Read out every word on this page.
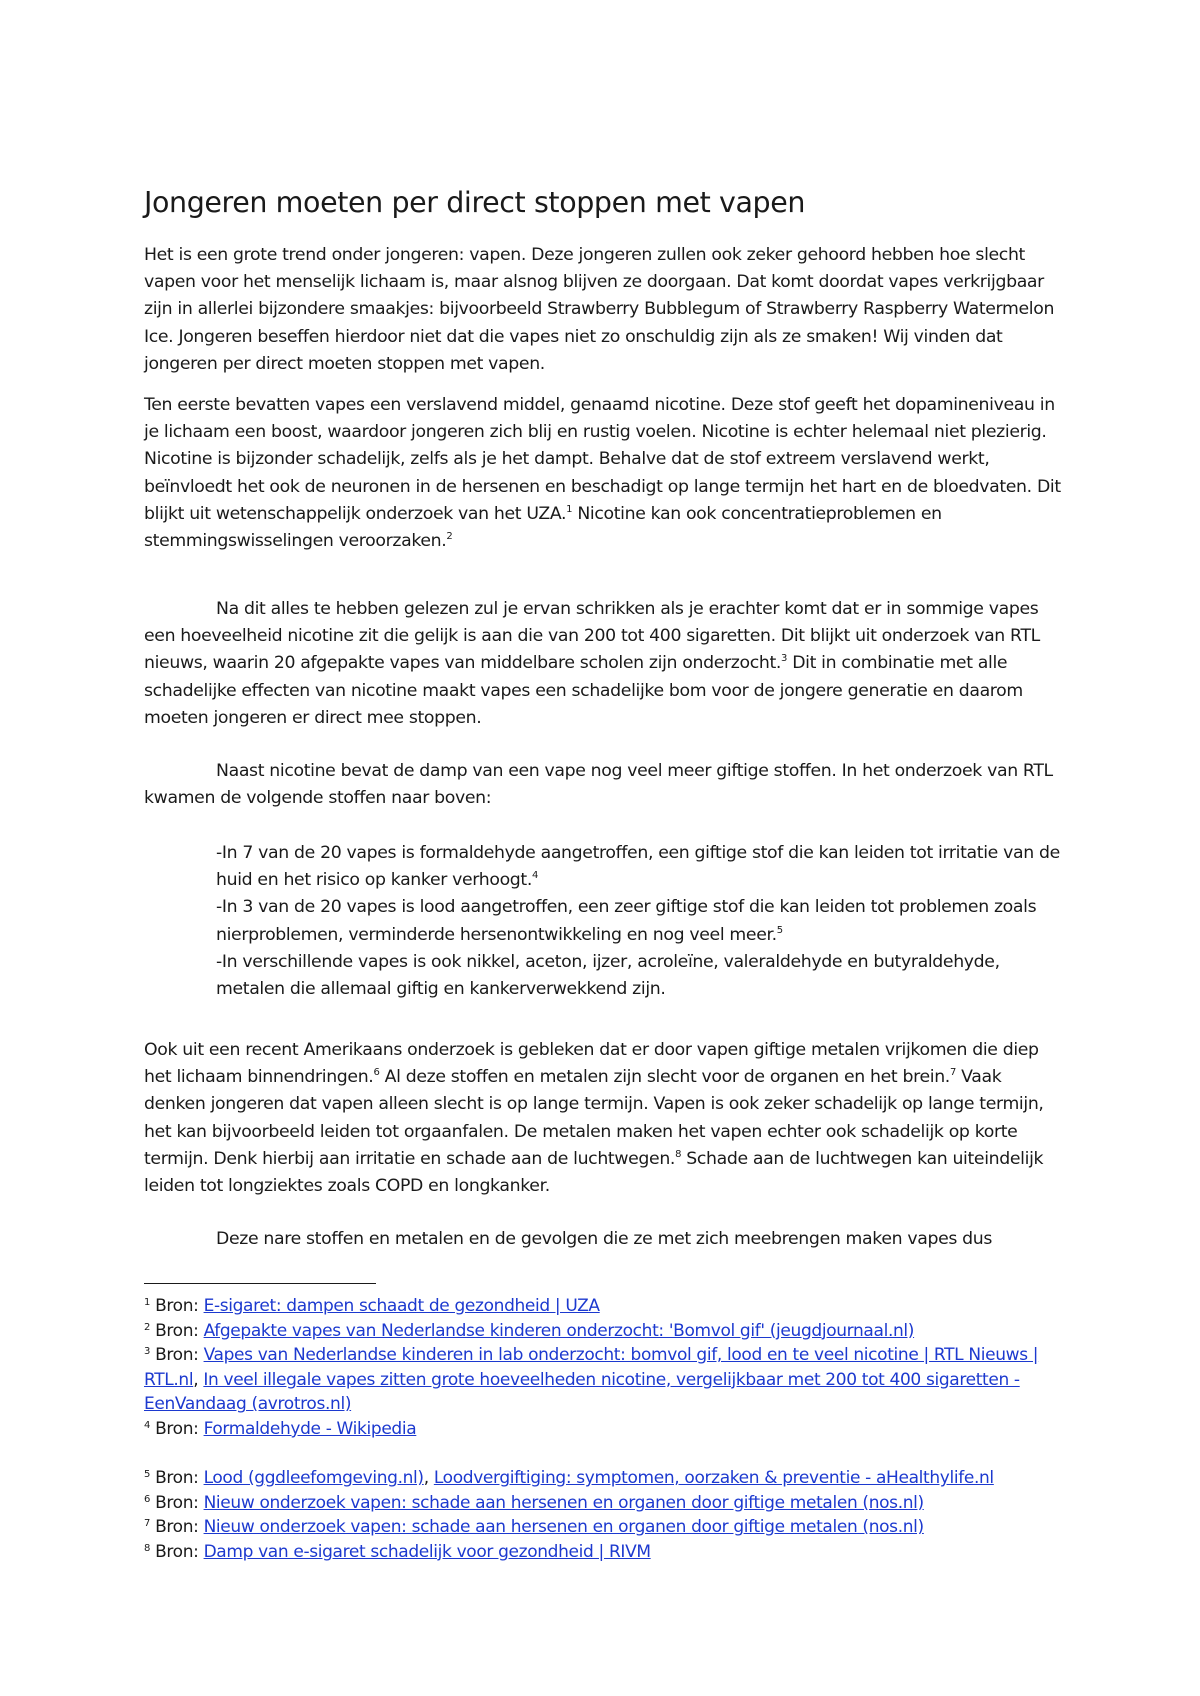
Jongeren moeten per direct stoppen met vapen

Het is een grote trend onder jongeren: vapen. Deze jongeren zullen ook zeker gehoord hebben hoe slecht vapen voor het menselijk lichaam is, maar alsnog blijven ze doorgaan. Dat komt doordat vapes verkrijgbaar zijn in allerlei bijzondere smaakjes: bijvoorbeeld Strawberry Bubblegum of Strawberry Raspberry Watermelon Ice. Jongeren beseffen hierdoor niet dat die vapes niet zo onschuldig zijn als ze smaken! Wij vinden dat jongeren per direct moeten stoppen met vapen.

Ten eerste bevatten vapes een verslavend middel, genaamd nicotine. Deze stof geeft het dopamineniveau in je lichaam een boost, waardoor jongeren zich blij en rustig voelen. Nicotine is echter helemaal niet plezierig. Nicotine is bijzonder schadelijk, zelfs als je het dampt. Behalve dat de stof extreem verslavend werkt, beïnvloedt het ook de neuronen in de hersenen en beschadigt op lange termijn het hart en de bloedvaten. Dit blijkt uit wetenschappelijk onderzoek van het UZA.$^1$ Nicotine kan ook concentratieproblemen en stemmingswisselingen veroorzaken.$^2$

Na dit alles te hebben gelezen zul je ervan schrikken als je erachter komt dat er in sommige vapes een hoeveelheid nicotine zit die gelijk is aan die van 200 tot 400 sigaretten. Dit blijkt uit onderzoek van RTL nieuws, waarin 20 afgepakte vapes van middelbare scholen zijn onderzocht.$^3$ Dit in combinatie met alle schadelijke effecten van nicotine maakt vapes een schadelijke bom voor de jongere generatie en daarom moeten jongeren er direct mee stoppen.

Naast nicotine bevat de damp van een vape nog veel meer giftige stoffen. In het onderzoek van RTL kwamen de volgende stoffen naar boven:

-In 7 van de 20 vapes is formaldehyde aangetroffen, een giftige stof die kan leiden tot irritatie van de huid en het risico op kanker verhoogt.$^4$

-In 3 van de 20 vapes is lood aangetroffen, een zeer giftige stof die kan leiden tot problemen zoals nierproblemen, verminderde hersenontwikkeling en nog veel meer.$^5$

-In verschillende vapes is ook nikkel, aceton, ijzer, acroleïne, valeraldehyde en butyraldehyde, metalen die allemaal giftig en kankerverwekkend zijn.

Ook uit een recent Amerikaans onderzoek is gebleken dat er door vapen giftige metalen vrijkomen die diep het lichaam binnendringen.$^6$ Al deze stoffen en metalen zijn slecht voor de organen en het brein.$^7$ Vaak denken jongeren dat vapen alleen slecht is op lange termijn. Vapen is ook zeker schadelijk op lange termijn, het kan bijvoorbeeld leiden tot orgaanfalen. De metalen maken het vapen echter ook schadelijk op korte termijn. Denk hierbij aan irritatie en schade aan de luchtwegen.$^8$ Schade aan de luchtwegen kan uiteindelijk leiden tot longziektes zoals COPD en longkanker.

Deze nare stoffen en metalen en de gevolgen die ze met zich meebrengen maken vapes dus

$^1$ Bron: E-sigaret: dampen schaadt de gezondheid | UZA

$^2$ Bron: Afgepakte vapes van Nederlandse kinderen onderzocht: 'Bomvol gif' (jeugdjournaal.nl)

$^3$ Bron: Vapes van Nederlandse kinderen in lab onderzocht: bomvol gif, lood en te veel nicotine | RTL Nieuws | RTL.nl, In veel illegale vapes zitten grote hoeveelheden nicotine, vergelijkbaar met 200 tot 400 sigaretten - EenVandaag (avrotros.nl)

$^4$ Bron: Formaldehyde - Wikipedia

$^5$ Bron: Lood (ggdleefomgeving.nl), Loodvergiftiging: symptomen, oorzaken & preventie - aHealthylife.nl

$^6$ Bron: Nieuw onderzoek vapen: schade aan hersenen en organen door giftige metalen (nos.nl)

$^7$ Bron: Nieuw onderzoek vapen: schade aan hersenen en organen door giftige metalen (nos.nl)

$^8$ Bron: Damp van e-sigaret schadelijk voor gezondheid | RIVM
